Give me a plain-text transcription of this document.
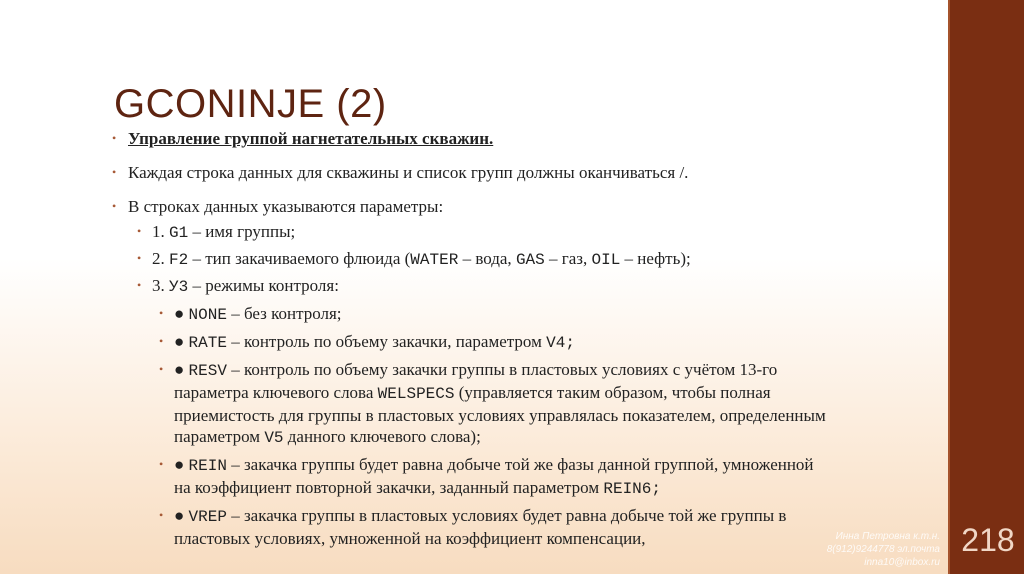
GCONINJE (2)
• Управление группой нагнетательных скважин.
• Каждая строка данных для скважины и список групп должны оканчиваться /.
• В строках данных указываются параметры:
• 1. G1 – имя группы;
• 2. F2 – тип закачиваемого флюида (WATER – вода, GAS – газ, OIL – нефть);
• 3. У3 – режимы контроля:
• ● NONE – без контроля;
• ● RATE – контроль по объему закачки, параметром V4;
• ● RESV – контроль по объему закачки группы в пластовых условиях с учётом 13-го параметра ключевого слова WELSPECS (управляется таким образом, чтобы полная приемистость для группы в пластовых условиях управлялась показателем, определенным параметром V5 данного ключевого слова);
• ● REIN – закачка группы будет равна добыче той же фазы данной группой, умноженной на коэффициент повторной закачки, заданный параметром REIN6;
• ● VREP – закачка группы в пластовых условиях будет равна добыче той же группы в пластовых условиях, умноженной на коэффициент компенсации,	Инна Петровна к.т.н.
8(912)9244778 эл.почта
inna10@inbox.ru
218
